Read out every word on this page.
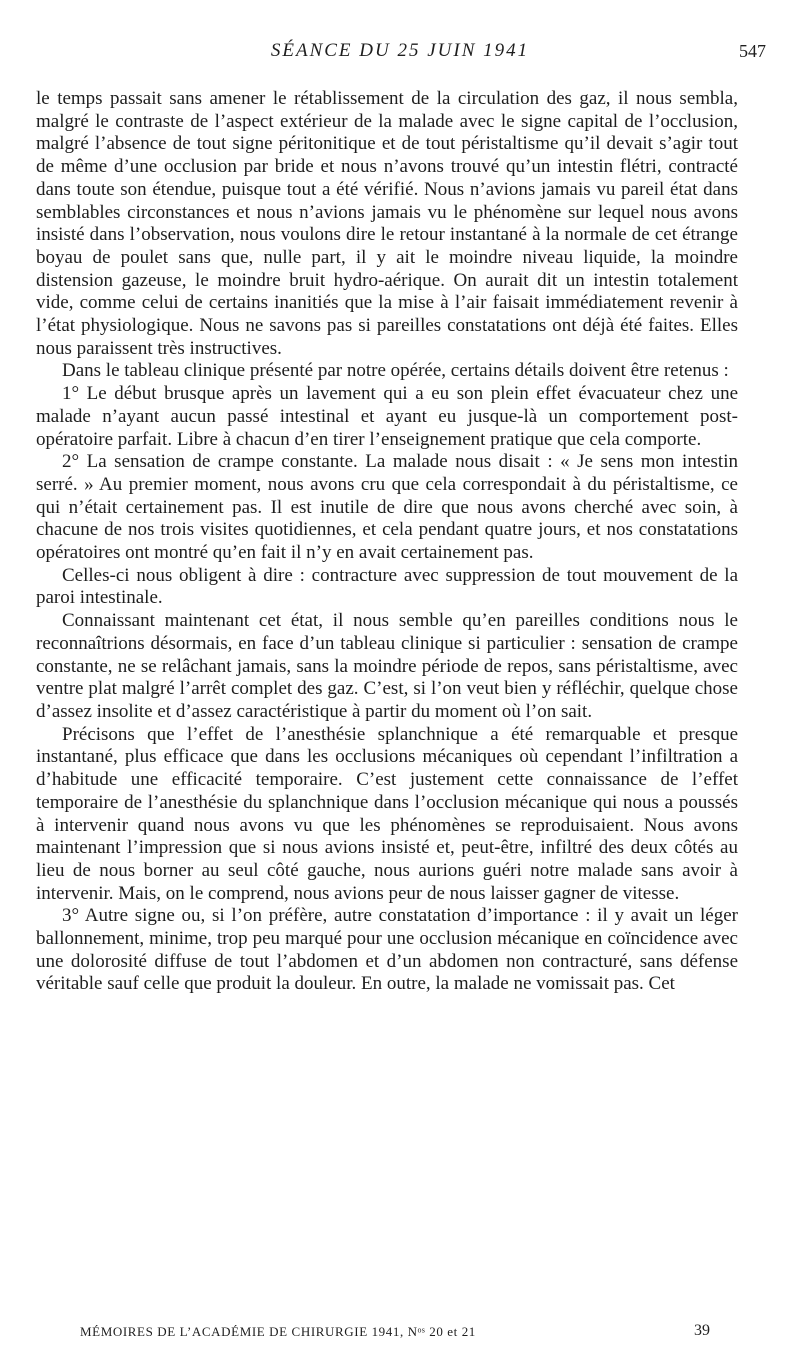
SÉANCE DU 25 JUIN 1941	547

le temps passait sans amener le rétablissement de la circulation des gaz, il nous sembla, malgré le contraste de l’aspect extérieur de la malade avec le signe capital de l’occlusion, malgré l’absence de tout signe péritonitique et de tout péristaltisme qu’il devait s’agir tout de même d’une occlusion par bride et nous n’avons trouvé qu’un intestin flétri, contracté dans toute son étendue, puisque tout a été vérifié. Nous n’avions jamais vu pareil état dans semblables circonstances et nous n’avions jamais vu le phénomène sur lequel nous avons insisté dans l’observation, nous voulons dire le retour instantané à la normale de cet étrange boyau de poulet sans que, nulle part, il y ait le moindre niveau liquide, la moindre distension gazeuse, le moindre bruit hydro-aérique. On aurait dit un intestin totalement vide, comme celui de certains inanitiés que la mise à l’air faisait immédiatement revenir à l’état physiologique. Nous ne savons pas si pareilles constatations ont déjà été faites. Elles nous paraissent très instructives.

Dans le tableau clinique présenté par notre opérée, certains détails doivent être retenus :

1° Le début brusque après un lavement qui a eu son plein effet évacuateur chez une malade n’ayant aucun passé intestinal et ayant eu jusque-là un comportement post-opératoire parfait. Libre à chacun d’en tirer l’enseignement pratique que cela comporte.

2° La sensation de crampe constante. La malade nous disait : « Je sens mon intestin serré. » Au premier moment, nous avons cru que cela correspondait à du péristaltisme, ce qui n’était certainement pas. Il est inutile de dire que nous avons cherché avec soin, à chacune de nos trois visites quotidiennes, et cela pendant quatre jours, et nos constatations opératoires ont montré qu’en fait il n’y en avait certainement pas.

Celles-ci nous obligent à dire : contracture avec suppression de tout mouvement de la paroi intestinale.

Connaissant maintenant cet état, il nous semble qu’en pareilles conditions nous le reconnaîtrions désormais, en face d’un tableau clinique si particulier : sensation de crampe constante, ne se relâchant jamais, sans la moindre période de repos, sans péristaltisme, avec ventre plat malgré l’arrêt complet des gaz. C’est, si l’on veut bien y réfléchir, quelque chose d’assez insolite et d’assez caractéristique à partir du moment où l’on sait.

Précisons que l’effet de l’anesthésie splanchnique a été remarquable et presque instantané, plus efficace que dans les occlusions mécaniques où cependant l’infiltration a d’habitude une efficacité temporaire. C’est justement cette connaissance de l’effet temporaire de l’anesthésie du splanchnique dans l’occlusion mécanique qui nous a poussés à intervenir quand nous avons vu que les phénomènes se reproduisaient. Nous avons maintenant l’impression que si nous avions insisté et, peut-être, infiltré des deux côtés au lieu de nous borner au seul côté gauche, nous aurions guéri notre malade sans avoir à intervenir. Mais, on le comprend, nous avions peur de nous laisser gagner de vitesse.

3° Autre signe ou, si l’on préfère, autre constatation d’importance : il y avait un léger ballonnement, minime, trop peu marqué pour une occlusion mécanique en coïncidence avec une dolorosité diffuse de tout l’abdomen et d’un abdomen non contracturé, sans défense véritable sauf celle que produit la douleur. En outre, la malade ne vomissait pas. Cet

MÉMOIRES DE L’ACADÉMIE DE CHIRURGIE 1941, Nᵒˢ 20 et 21	39
